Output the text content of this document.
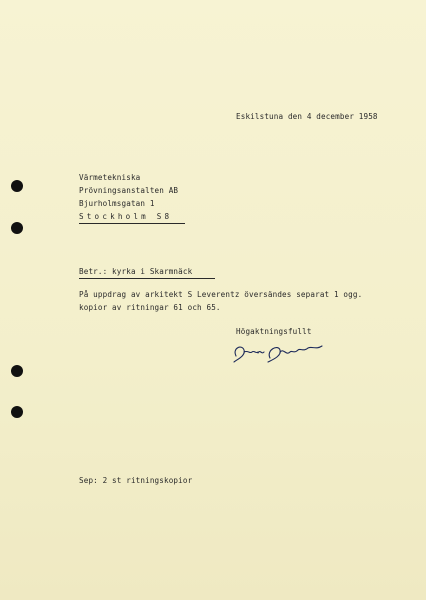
Eskilstuna den 4 december 1958
Värmetekniska
Prövningsanstalten AB
Bjurholmsgatan 1
Stockholm S8
Betr.: kyrka i Skarmnäck
På uppdrag av arkitekt S Leverentz översändes separat 1 ogg.
kopior av ritningar 61 och 65.
Högaktningsfullt
Sep: 2 st ritningskopior
